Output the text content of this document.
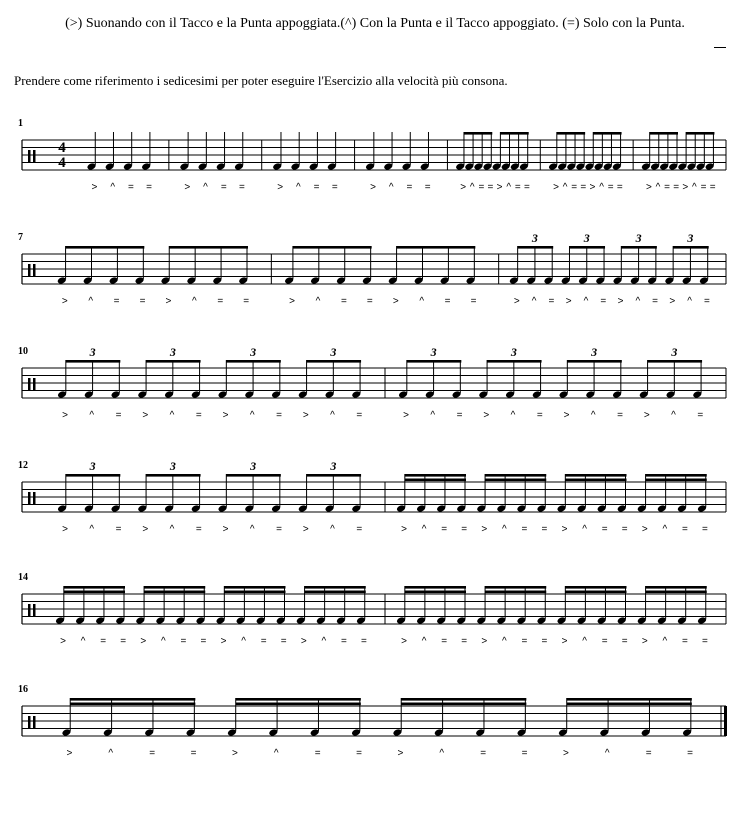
(>) Suonando con il Tacco e la Punta appoggiata.(^) Con la Punta e il Tacco appoggiato. (=) Solo con la Punta.
Prendere come riferimento i sedicesimi per poter eseguire l'Esercizio alla velocità più consona.
1
4
4
> ^ = =	> ^ = =	> ^ = =	> ^ = =	> ^ = = > ^ = = > ^ = = > ^ = = > ^ = = > ^ = =
7
> ^ = = > ^ = =	> ^ = = > ^ = =	> ^ = > ^ = > ^ = > ^ =
3	3	3	3
10
> ^ = > ^ = > ^ = > ^ =
3	3	3	3
> ^ = > ^ = > ^ = > ^ =
3	3	3	3
12
> ^ = > ^ = > ^ = > ^ =
3	3	3	3
> ^ = = > ^ = = > ^ = = > ^ = =
14
> ^ = = > ^ = = > ^ = = > ^ = =	> ^ = = > ^ = = > ^ = = > ^ = =
16
>	^	=	=	>	^	=	=	>	^	=	=	>	^	=	=
